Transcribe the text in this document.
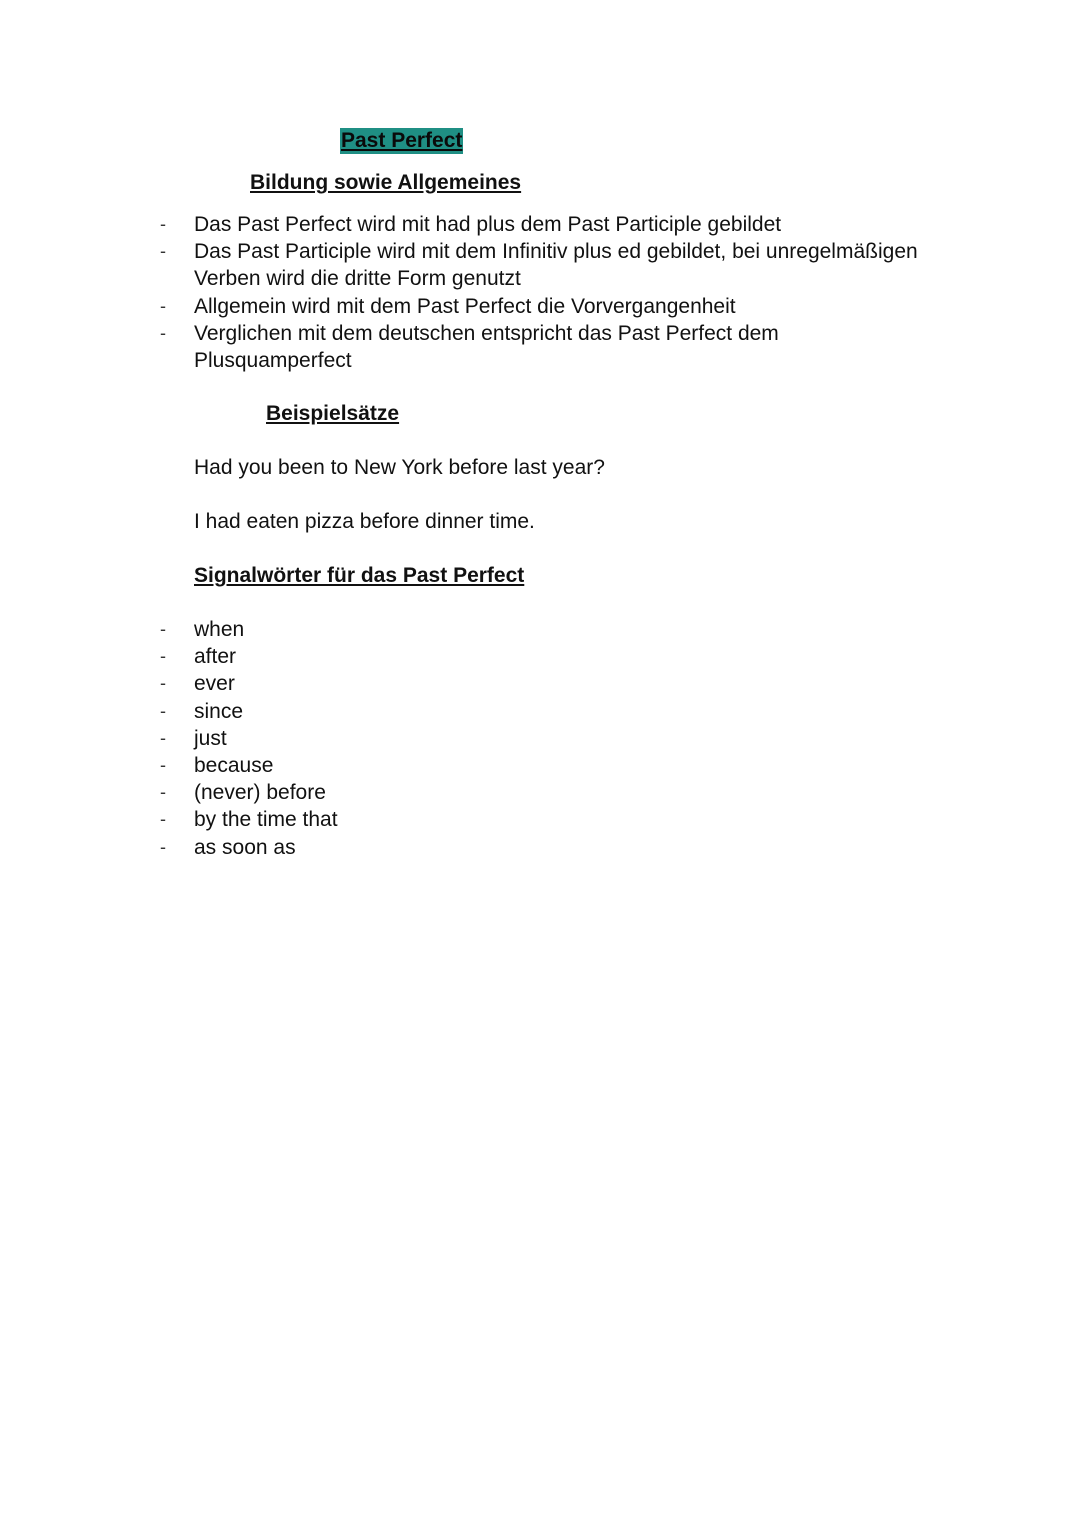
Past Perfect
Bildung sowie Allgemeines
-	Das Past Perfect wird mit had plus dem Past Participle gebildet
-	Das Past Participle wird mit dem Infinitiv plus ed gebildet, bei unregelmäßigen Verben wird die dritte Form genutzt
-	Allgemein wird mit dem Past Perfect die Vorvergangenheit
-	Verglichen mit dem deutschen entspricht das Past Perfect dem Plusquamperfect
Beispielsätze
Had you been to New York before last year?
I had eaten pizza before dinner time.
Signalwörter für das Past Perfect
-	when
-	after
-	ever
-	since
-	just
-	because
-	(never) before
-	by the time that
-	as soon as
